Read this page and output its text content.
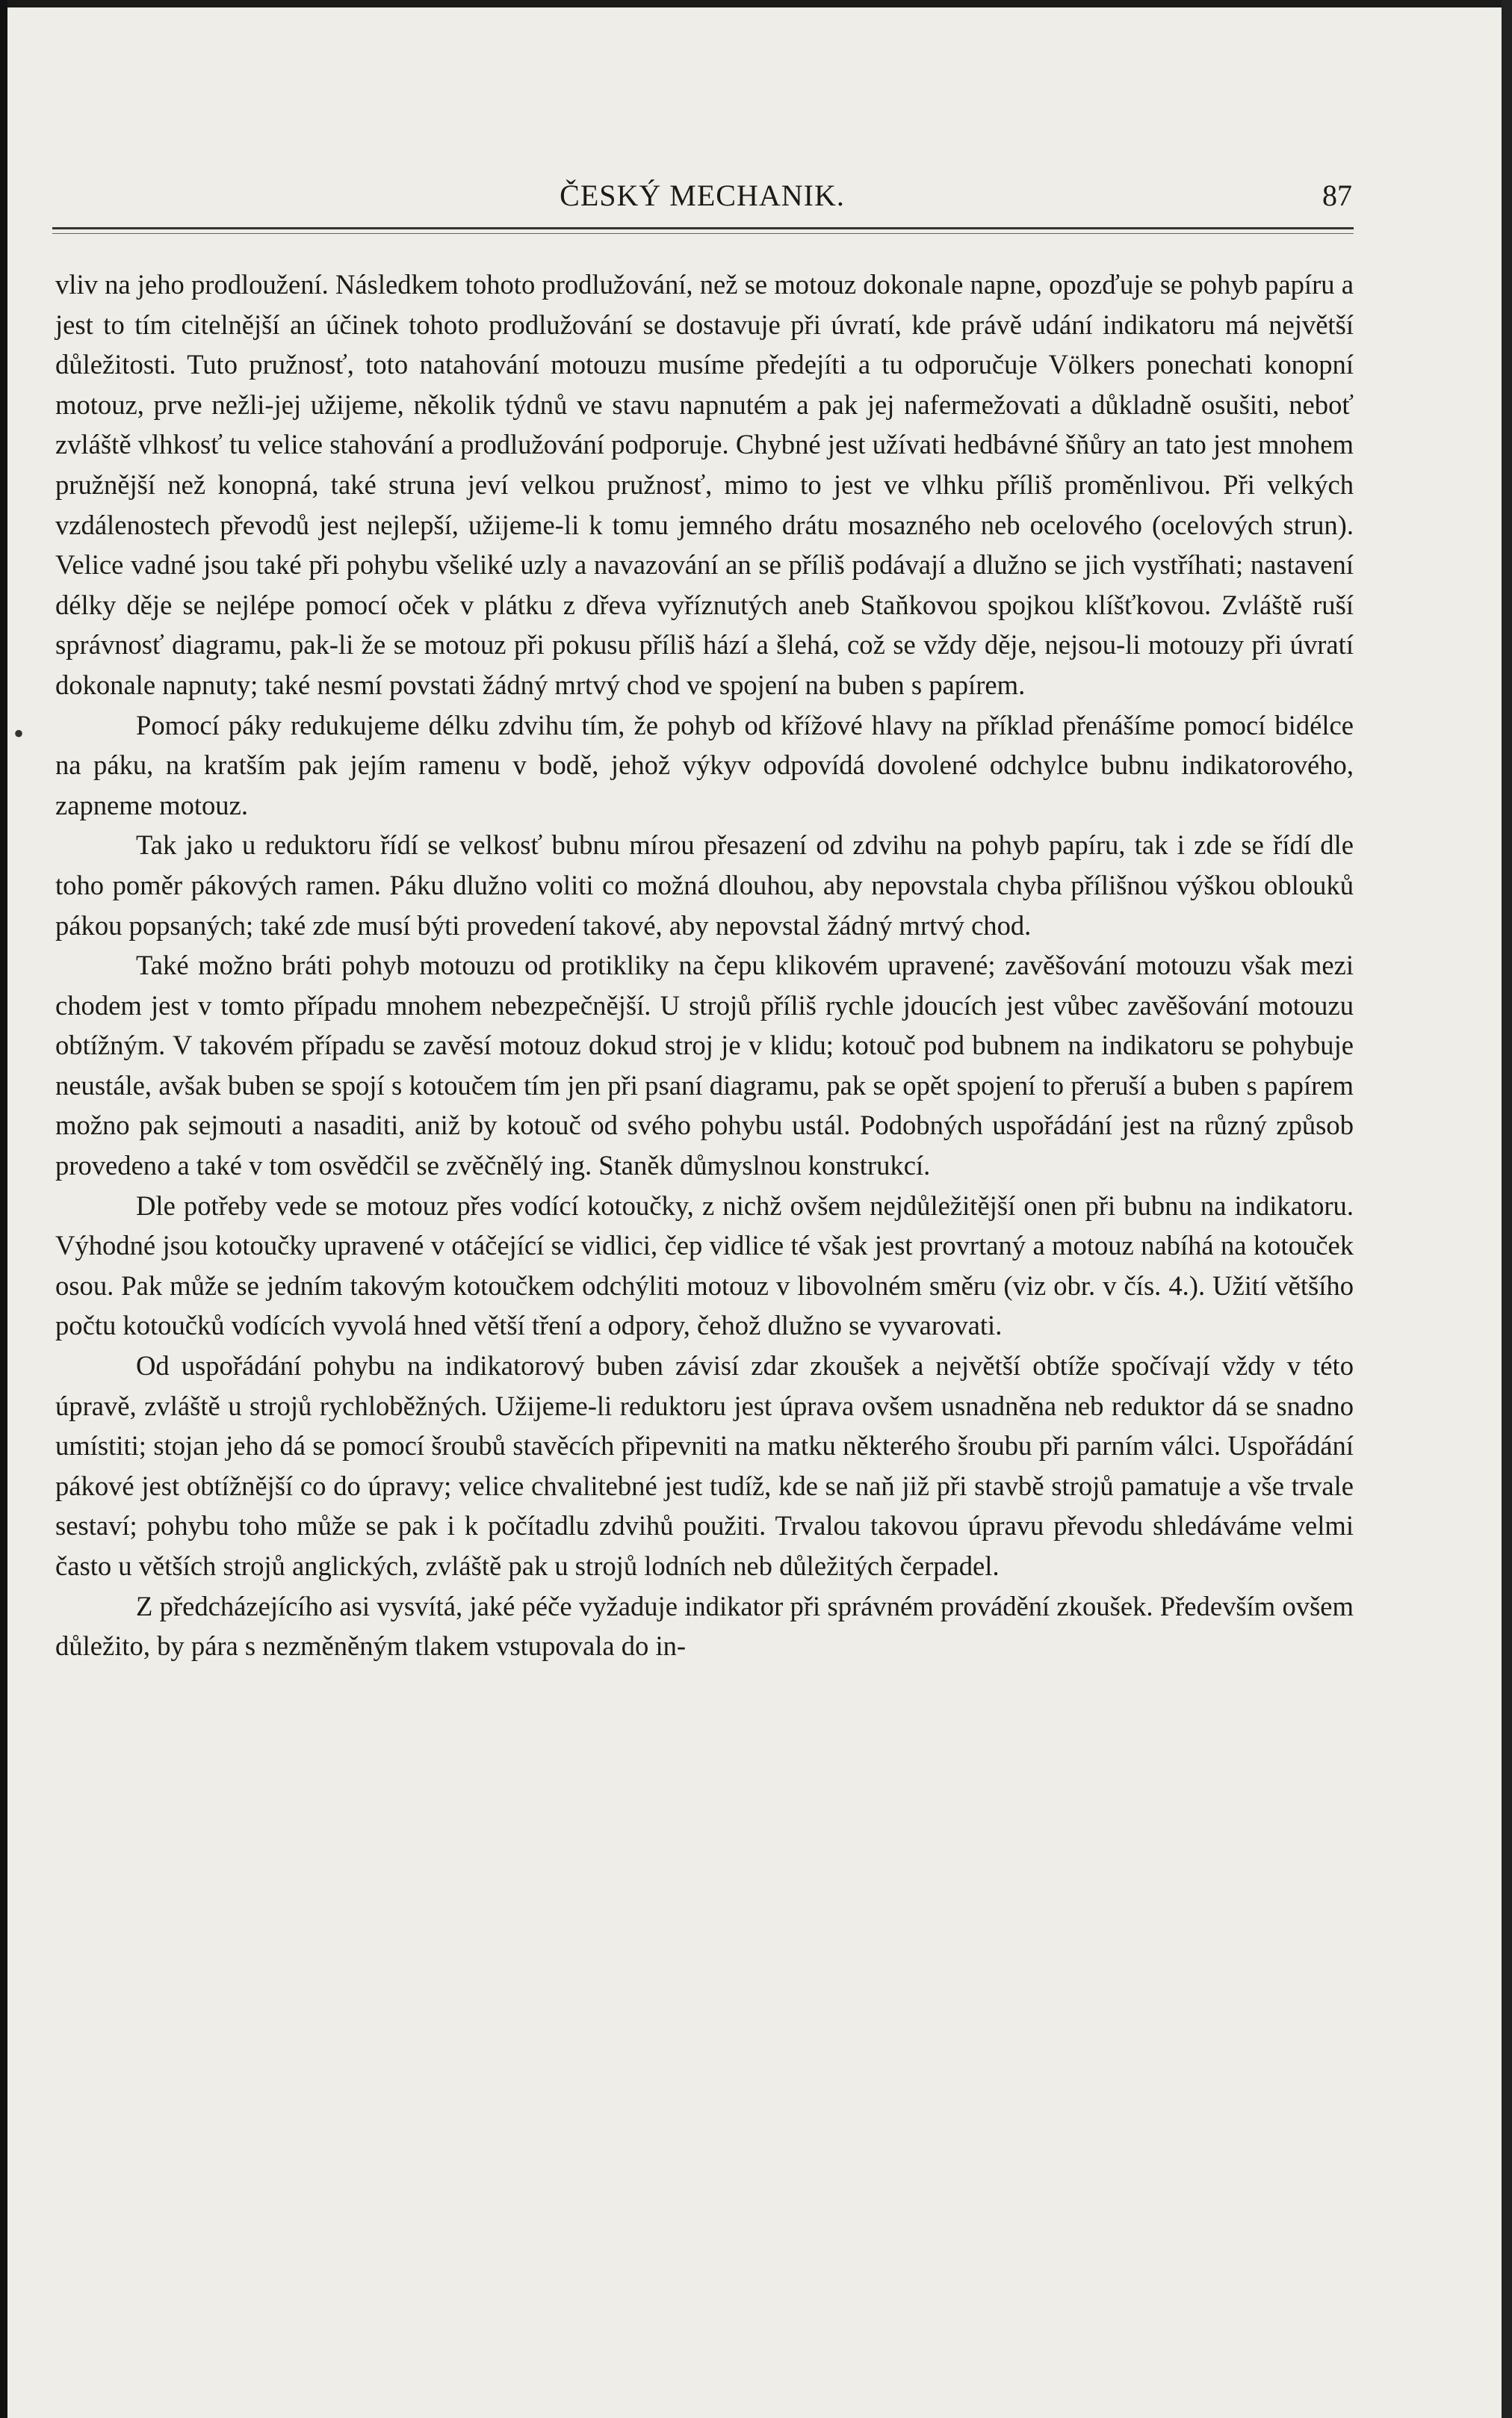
ČESKÝ MECHANIK.	87
•

vliv na jeho prodloužení. Následkem tohoto prodlužování, než se motouz dokonale napne, opozďuje se pohyb papíru a jest to tím citelnější an účinek tohoto prodlužování se dostavuje při úvratí, kde právě udání indikatoru má největší důležitosti. Tuto pružnosť, toto natahování motouzu musíme předejíti a tu odporučuje Völkers ponechati konopní motouz, prve nežli-jej užijeme, několik týdnů ve stavu napnutém a pak jej nafermežovati a důkladně osušiti, neboť zvláště vlhkosť tu velice stahování a prodlužování podporuje. Chybné jest užívati hedbávné šňůry an tato jest mnohem pružnější než konopná, také struna jeví velkou pružnosť, mimo to jest ve vlhku příliš proměnlivou. Při velkých vzdálenostech převodů jest nejlepší, užijeme-li k tomu jemného drátu mosazného neb ocelového (ocelových strun). Velice vadné jsou také při pohybu všeliké uzly a navazování an se příliš podávají a dlužno se jich vystříhati; nastavení délky děje se nejlépe pomocí oček v plátku z dřeva vyříznutých aneb Staňkovou spojkou klíšťkovou. Zvláště ruší správnosť diagramu, pak-li že se motouz při pokusu příliš hází a šlehá, což se vždy děje, nejsou-li motouzy při úvratí dokonale napnuty; také nesmí povstati žádný mrtvý chod ve spojení na buben s papírem.

Pomocí páky redukujeme délku zdvihu tím, že pohyb od křížové hlavy na příklad přenášíme pomocí bidélce na páku, na kratším pak jejím ramenu v bodě, jehož výkyv odpovídá dovolené odchylce bubnu indikatorového, zapneme motouz.

Tak jako u reduktoru řídí se velkosť bubnu mírou přesazení od zdvihu na pohyb papíru, tak i zde se řídí dle toho poměr pákových ramen. Páku dlužno voliti co možná dlouhou, aby nepovstala chyba přílišnou výškou oblouků pákou popsaných; také zde musí býti provedení takové, aby nepovstal žádný mrtvý chod.

Také možno bráti pohyb motouzu od protikliky na čepu klikovém upravené; zavěšování motouzu však mezi chodem jest v tomto případu mnohem nebezpečnější. U strojů příliš rychle jdoucích jest vůbec zavěšování motouzu obtížným. V takovém případu se zavěsí motouz dokud stroj je v klidu; kotouč pod bubnem na indikatoru se pohybuje neustále, avšak buben se spojí s kotoučem tím jen při psaní diagramu, pak se opět spojení to přeruší a buben s papírem možno pak sejmouti a nasaditi, aniž by kotouč od svého pohybu ustál. Podobných uspořádání jest na různý způsob provedeno a také v tom osvědčil se zvěčnělý ing. Staněk důmyslnou konstrukcí.

Dle potřeby vede se motouz přes vodící kotoučky, z nichž ovšem nejdůležitější onen při bubnu na indikatoru. Výhodné jsou kotoučky upravené v otáčející se vidlici, čep vidlice té však jest provrtaný a motouz nabíhá na kotouček osou. Pak může se jedním takovým kotoučkem odchýliti motouz v libovolném směru (viz obr. v čís. 4.). Užití většího počtu kotoučků vodících vyvolá hned větší tření a odpory, čehož dlužno se vyvarovati.

Od uspořádání pohybu na indikatorový buben závisí zdar zkoušek a největší obtíže spočívají vždy v této úpravě, zvláště u strojů rychloběžných. Užijeme-li reduktoru jest úprava ovšem usnadněna neb reduktor dá se snadno umístiti; stojan jeho dá se pomocí šroubů stavěcích připevniti na matku některého šroubu při parním válci. Uspořádání pákové jest obtížnější co do úpravy; velice chvalitebné jest tudíž, kde se naň již při stavbě strojů pamatuje a vše trvale sestaví; pohybu toho může se pak i k počítadlu zdvihů použiti. Trvalou takovou úpravu převodu shledáváme velmi často u větších strojů anglických, zvláště pak u strojů lodních neb důležitých čerpadel.

Z předcházejícího asi vysvítá, jaké péče vyžaduje indikator při správném provádění zkoušek. Především ovšem důležito, by pára s nezměněným tlakem vstupovala do in-
